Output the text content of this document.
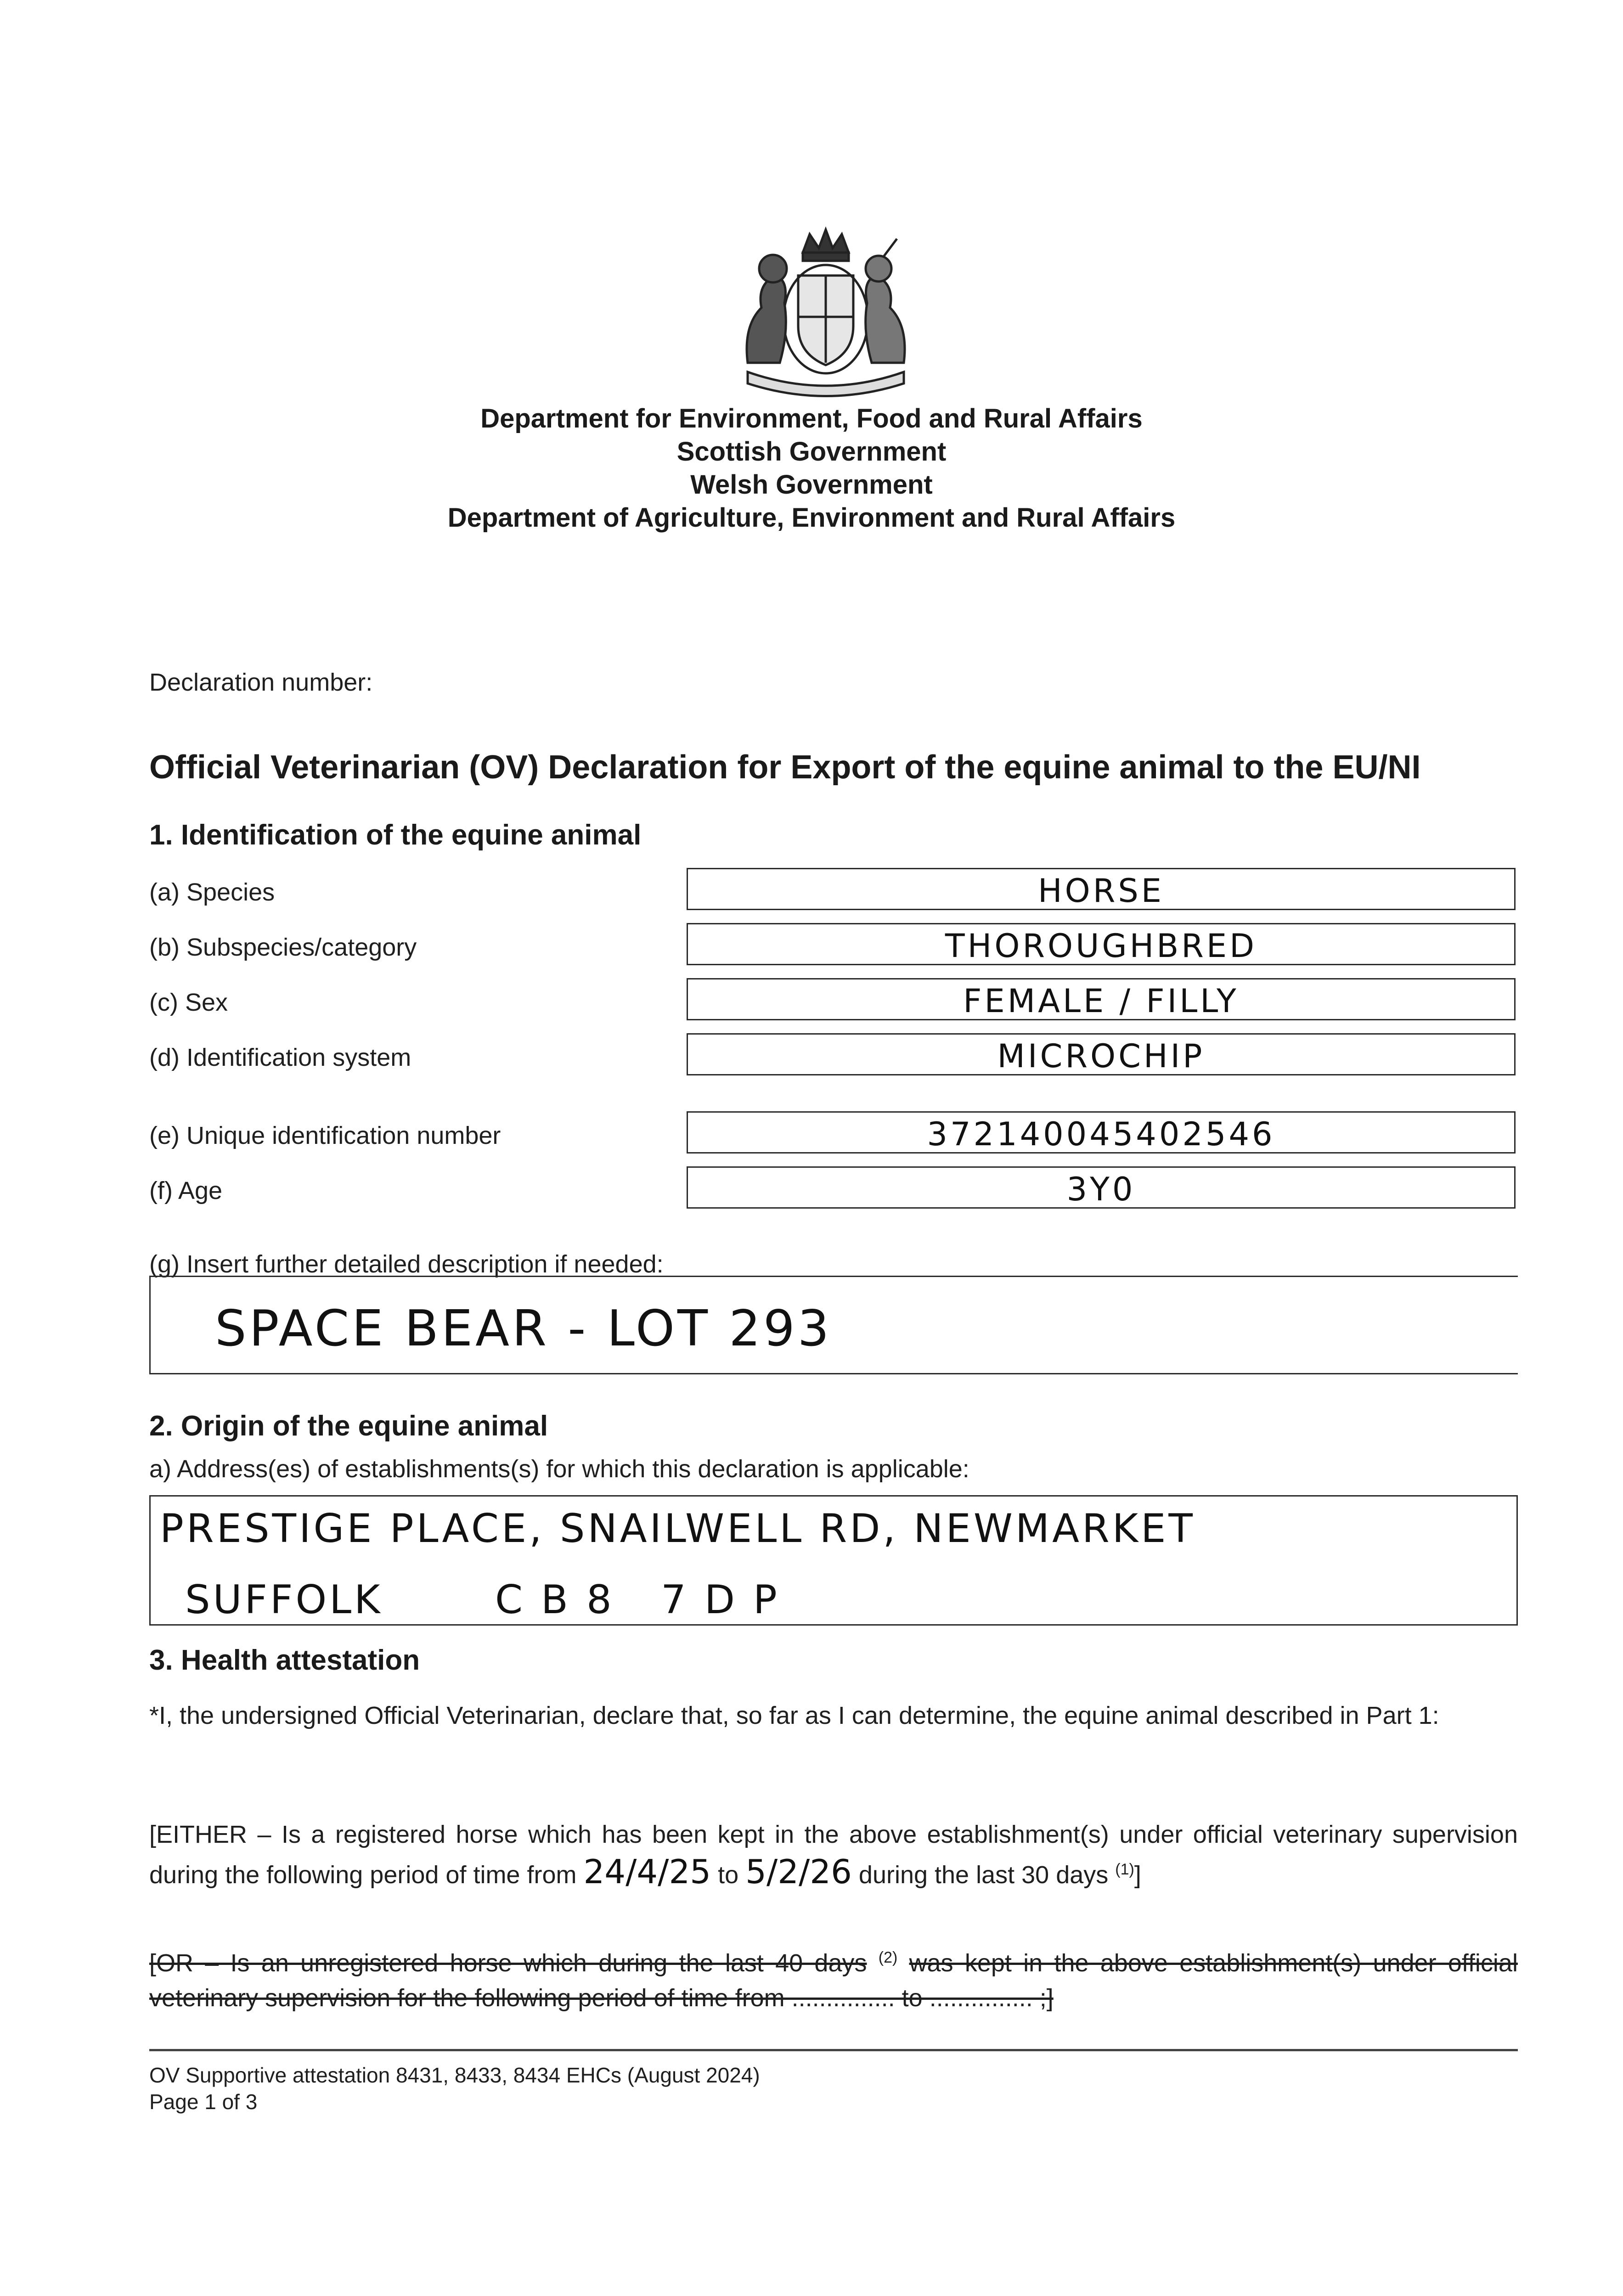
Department for Environment, Food and Rural Affairs
Scottish Government
Welsh Government
Department of Agriculture, Environment and Rural Affairs
Declaration number:
Official Veterinarian (OV) Declaration for Export of the equine animal to the EU/NI
1. Identification of the equine animal
(a) Species	HORSE
(b) Subspecies/category	THOROUGHBRED
(c) Sex	FEMALE / FILLY
(d) Identification system	MICROCHIP
(e) Unique identification number	372140045402546
(f) Age	3Y0
(g) Insert further detailed description if needed:
SPACE BEAR - LOT 293
2. Origin of the equine animal
a) Address(es) of establishments(s) for which this declaration is applicable:
PRESTIGE PLACE, SNAILWELL RD, NEWMARKET
SUFFOLK	CB8 7DP
3. Health attestation
*I, the undersigned Official Veterinarian, declare that, so far as I can determine, the equine animal described in Part 1:
[EITHER – Is a registered horse which has been kept in the above establishment(s) under official veterinary supervision during the following period of time from 24/4/25 to 5/2/26 during the last 30 days $^{(1)}$]
[OR – Is an unregistered horse which during the last 40 days $^{(2)}$ was kept in the above establishment(s) under official veterinary supervision for the following period of time from ............... to ............... ;]
OV Supportive attestation 8431, 8433, 8434 EHCs (August 2024)
Page 1 of 3
